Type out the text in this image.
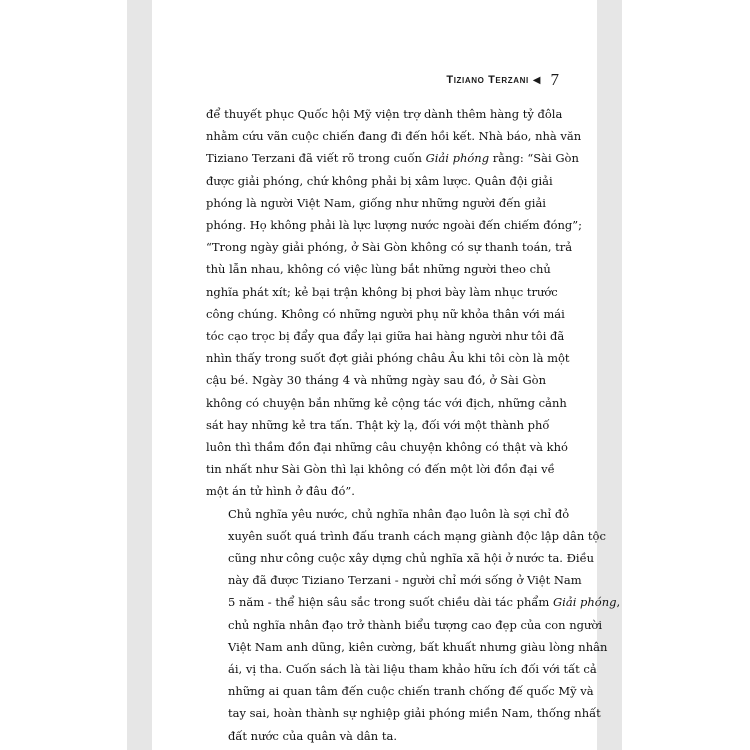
Tiziano Terzani ◀ 7

để thuyết phục Quốc hội Mỹ viện trợ dành thêm hàng tỷ đôla
nhằm cứu vãn cuộc chiến đang đi đến hồi kết. Nhà báo, nhà văn
Tiziano Terzani đã viết rõ trong cuốn Giải phóng rằng: “Sài Gòn
được giải phóng, chứ không phải bị xâm lược. Quân đội giải
phóng là người Việt Nam, giống như những người đến giải
phóng. Họ không phải là lực lượng nước ngoài đến chiếm đóng”;
“Trong ngày giải phóng, ở Sài Gòn không có sự thanh toán, trả
thù lẫn nhau, không có việc lùng bắt những người theo chủ
nghĩa phát xít; kẻ bại trận không bị phơi bày làm nhục trước
công chúng. Không có những người phụ nữ khỏa thân với mái
tóc cạo trọc bị đẩy qua đẩy lại giữa hai hàng người như tôi đã
nhìn thấy trong suốt đợt giải phóng châu Âu khi tôi còn là một
cậu bé. Ngày 30 tháng 4 và những ngày sau đó, ở Sài Gòn
không có chuyện bắn những kẻ cộng tác với địch, những cảnh
sát hay những kẻ tra tấn. Thật kỳ lạ, đối với một thành phố
luôn thì thầm đồn đại những câu chuyện không có thật và khó
tin nhất như Sài Gòn thì lại không có đến một lời đồn đại về
một án tử hình ở đâu đó”.

Chủ nghĩa yêu nước, chủ nghĩa nhân đạo luôn là sợi chỉ đỏ
xuyên suốt quá trình đấu tranh cách mạng giành độc lập dân tộc
cũng như công cuộc xây dựng chủ nghĩa xã hội ở nước ta. Điều
này đã được Tiziano Terzani - người chỉ mới sống ở Việt Nam
5 năm - thể hiện sâu sắc trong suốt chiều dài tác phẩm Giải phóng
chủ nghĩa nhân đạo trở thành biểu tượng cao đẹp của con người
Việt Nam anh dũng, kiên cường, bất khuất nhưng giàu lòng nhân
ái, vị tha. Cuốn sách là tài liệu tham khảo hữu ích đối với tất cả
những ai quan tâm đến cuộc chiến tranh chống đế quốc Mỹ và
tay sai, hoàn thành sự nghiệp giải phóng miền Nam, thống nhất
đất nước của quân và dân ta.
